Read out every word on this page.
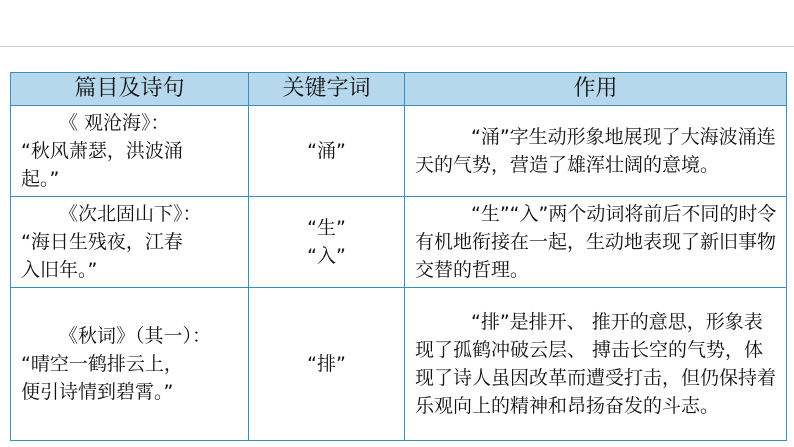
篇目及诗句	关键字词	作用

《 观沧海》：
“秋风萧瑟，洪波涌
起。”	“涌”	“涌”字生动形象地展现了大海波涌连天的气势，营造了雄浑壮阔的意境。

《次北固山下》：
“海日生残夜，江春
入旧年。”	“生”
“入”	“生”“入”两个动词将前后不同的时令有机地衔接在一起，生动地表现了新旧事物交替的哲理。

《秋词》（其一）：
“晴空一鹤排云上，
便引诗情到碧霄。”	“排”	“排”是排开、 推开的意思，形象表现了孤鹤冲破云层、 搏击长空的气势，体现了诗人虽因改革而遭受打击，但仍保持着乐观向上的精神和昂扬奋发的斗志。
